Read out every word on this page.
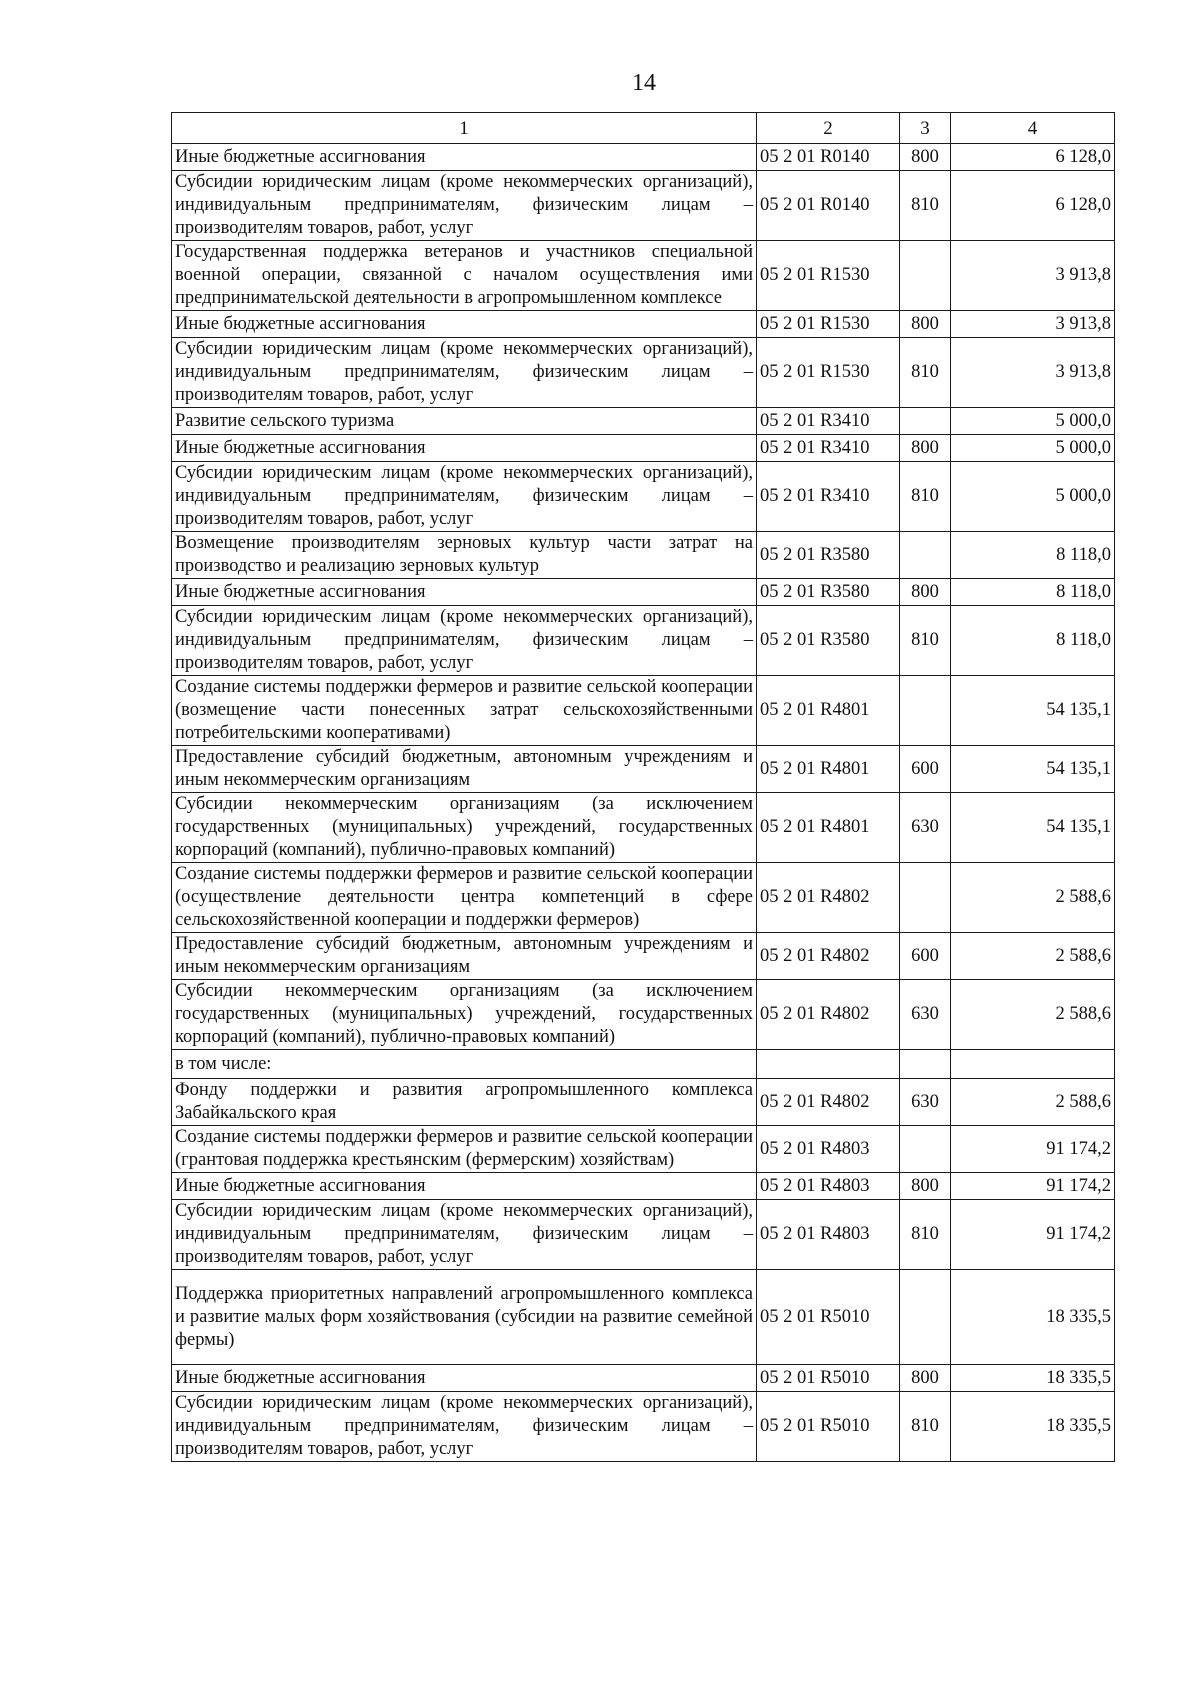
14
1	2	3	4
Иные бюджетные ассигнования	05 2 01 R0140	800	6 128,0
Субсидии юридическим лицам (кроме некоммерческих организаций), индивидуальным предпринимателям, физическим лицам – производителям товаров, работ, услуг	05 2 01 R0140	810	6 128,0
Государственная поддержка ветеранов и участников специальной военной операции, связанной с началом осуществления ими предпринимательской деятельности в агропромышленном комплексе	05 2 01 R1530		3 913,8
Иные бюджетные ассигнования	05 2 01 R1530	800	3 913,8
Субсидии юридическим лицам (кроме некоммерческих организаций), индивидуальным предпринимателям, физическим лицам – производителям товаров, работ, услуг	05 2 01 R1530	810	3 913,8
Развитие сельского туризма	05 2 01 R3410		5 000,0
Иные бюджетные ассигнования	05 2 01 R3410	800	5 000,0
Субсидии юридическим лицам (кроме некоммерческих организаций), индивидуальным предпринимателям, физическим лицам – производителям товаров, работ, услуг	05 2 01 R3410	810	5 000,0
Возмещение производителям зерновых культур части затрат на производство и реализацию зерновых культур	05 2 01 R3580		8 118,0
Иные бюджетные ассигнования	05 2 01 R3580	800	8 118,0
Субсидии юридическим лицам (кроме некоммерческих организаций), индивидуальным предпринимателям, физическим лицам – производителям товаров, работ, услуг	05 2 01 R3580	810	8 118,0
Создание системы поддержки фермеров и развитие сельской кооперации (возмещение части понесенных затрат сельскохозяйственными потребительскими кооперативами)	05 2 01 R4801		54 135,1
Предоставление субсидий бюджетным, автономным учреждениям и иным некоммерческим организациям	05 2 01 R4801	600	54 135,1
Субсидии некоммерческим организациям (за исключением государственных (муниципальных) учреждений, государственных корпораций (компаний), публично-правовых компаний)	05 2 01 R4801	630	54 135,1
Создание системы поддержки фермеров и развитие сельской кооперации (осуществление деятельности центра компетенций в сфере сельскохозяйственной кооперации и поддержки фермеров)	05 2 01 R4802		2 588,6
Предоставление субсидий бюджетным, автономным учреждениям и иным некоммерческим организациям	05 2 01 R4802	600	2 588,6
Субсидии некоммерческим организациям (за исключением государственных (муниципальных) учреждений, государственных корпораций (компаний), публично-правовых компаний)	05 2 01 R4802	630	2 588,6
в том числе:			
Фонду поддержки и развития агропромышленного комплекса Забайкальского края	05 2 01 R4802	630	2 588,6
Создание системы поддержки фермеров и развитие сельской кооперации (грантовая поддержка крестьянским (фермерским) хозяйствам)	05 2 01 R4803		91 174,2
Иные бюджетные ассигнования	05 2 01 R4803	800	91 174,2
Субсидии юридическим лицам (кроме некоммерческих организаций), индивидуальным предпринимателям, физическим лицам – производителям товаров, работ, услуг	05 2 01 R4803	810	91 174,2
Поддержка приоритетных направлений агропромышленного комплекса и развитие малых форм хозяйствования (субсидии на развитие семейной фермы)	05 2 01 R5010		18 335,5
Иные бюджетные ассигнования	05 2 01 R5010	800	18 335,5
Субсидии юридическим лицам (кроме некоммерческих организаций), индивидуальным предпринимателям, физическим лицам – производителям товаров, работ, услуг	05 2 01 R5010	810	18 335,5
